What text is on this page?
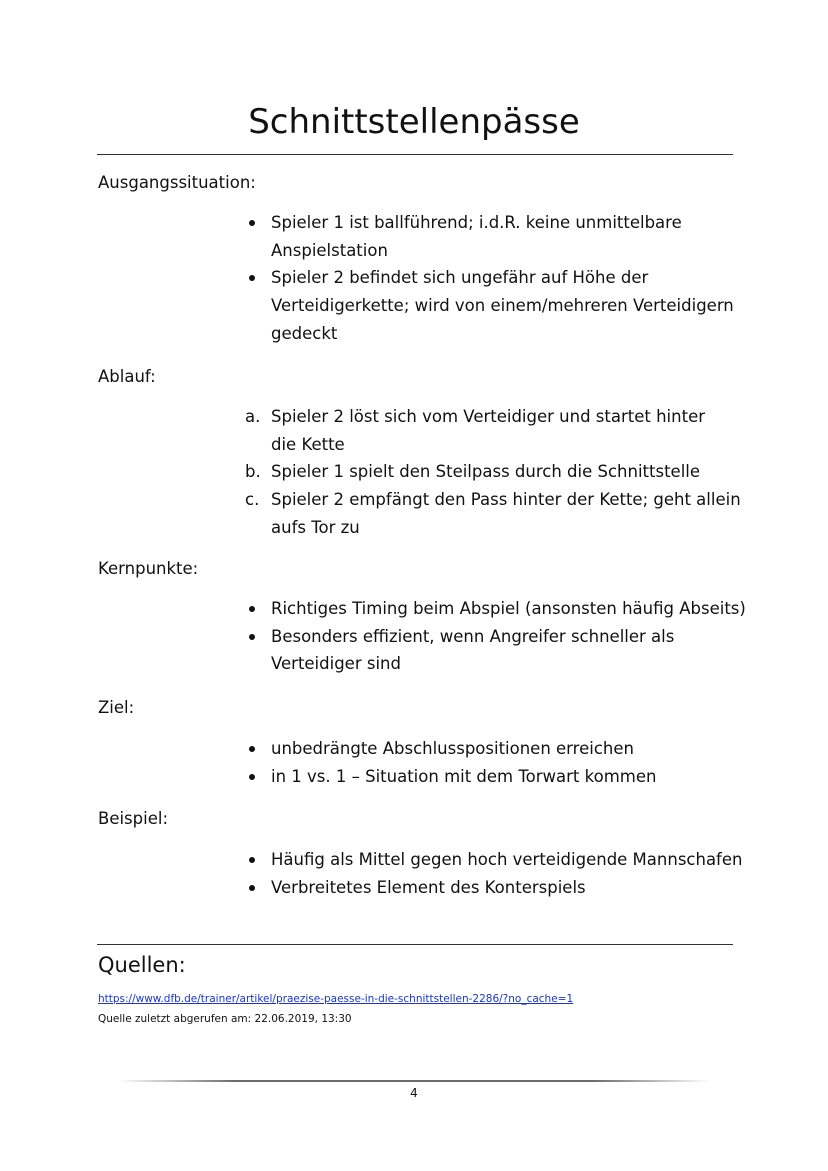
Schnittstellenpässe
Ausgangssituation:
Spieler 1 ist ballführend; i.d.R. keine unmittelbare Anspielstation
Spieler 2 befindet sich ungefähr auf Höhe der Verteidigerkette; wird von einem/mehreren Verteidigern gedeckt
Ablauf:
a. Spieler 2 löst sich vom Verteidiger und startet hinter die Kette
b. Spieler 1 spielt den Steilpass durch die Schnittstelle
c. Spieler 2 empfängt den Pass hinter der Kette; geht allein aufs Tor zu
Kernpunkte:
Richtiges Timing beim Abspiel (ansonsten häufig Abseits)
Besonders effizient, wenn Angreifer schneller als Verteidiger sind
Ziel:
unbedrängte Abschlusspositionen erreichen
in 1 vs. 1 – Situation mit dem Torwart kommen
Beispiel:
Häufig als Mittel gegen hoch verteidigende Mannschafen
Verbreitetes Element des Konterspiels
Quellen:
https://www.dfb.de/trainer/artikel/praezise-paesse-in-die-schnittstellen-2286/?no_cache=1
Quelle zuletzt abgerufen am: 22.06.2019, 13:30
4
